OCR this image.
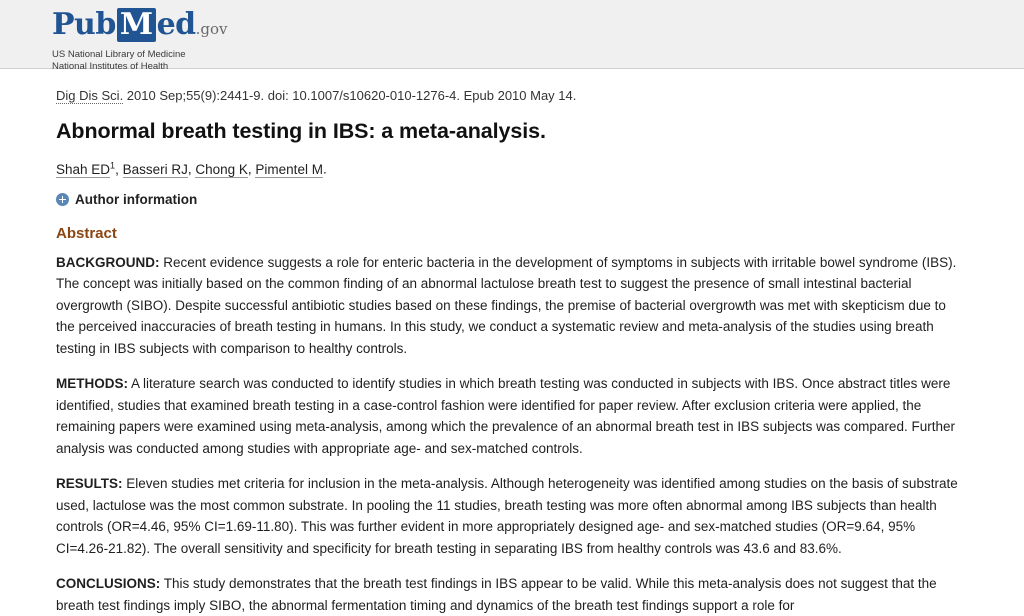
Pub M ed.gov
US National Library of Medicine
National Institutes of Health
Dig Dis Sci. 2010 Sep;55(9):2441-9. doi: 10.1007/s10620-010-1276-4. Epub 2010 May 14.
Abnormal breath testing in IBS: a meta-analysis.
Shah $ED^1$, Basseri RJ, Chong K, Pimentel M.
Author information
Abstract

BACKGROUND: Recent evidence suggests a role for enteric bacteria in the development of symptoms in subjects with irritable bowel syndrome (IBS). The concept was initially based on the common finding of an abnormal lactulose breath test to suggest the presence of small intestinal bacterial overgrowth (SIBO). Despite successful antibiotic studies based on these findings, the premise of bacterial overgrowth was met with skepticism due to the perceived inaccuracies of breath testing in humans. In this study, we conduct a systematic review and meta-analysis of the studies using breath testing in IBS subjects with comparison to healthy controls.

METHODS: A literature search was conducted to identify studies in which breath testing was conducted in subjects with IBS. Once abstract titles were identified, studies that examined breath testing in a case-control fashion were identified for paper review. After exclusion criteria were applied, the remaining papers were examined using meta-analysis, among which the prevalence of an abnormal breath test in IBS subjects was compared. Further analysis was conducted among studies with appropriate age- and sex-matched controls.

RESULTS: Eleven studies met criteria for inclusion in the meta-analysis. Although heterogeneity was identified among studies on the basis of substrate used, lactulose was the most common substrate. In pooling the 11 studies, breath testing was more often abnormal among IBS subjects than health controls (OR=4.46, 95% CI=1.69-11.80). This was further evident in more appropriately designed age- and sex-matched studies (OR=9.64, 95% CI=4.26-21.82). The overall sensitivity and specificity for breath testing in separating IBS from healthy controls was 43.6 and 83.6%.

CONCLUSIONS: This study demonstrates that the breath test findings in IBS appear to be valid. While this meta-analysis does not suggest that the breath test findings imply SIBO, the abnormal fermentation timing and dynamics of the breath test findings support a role for
